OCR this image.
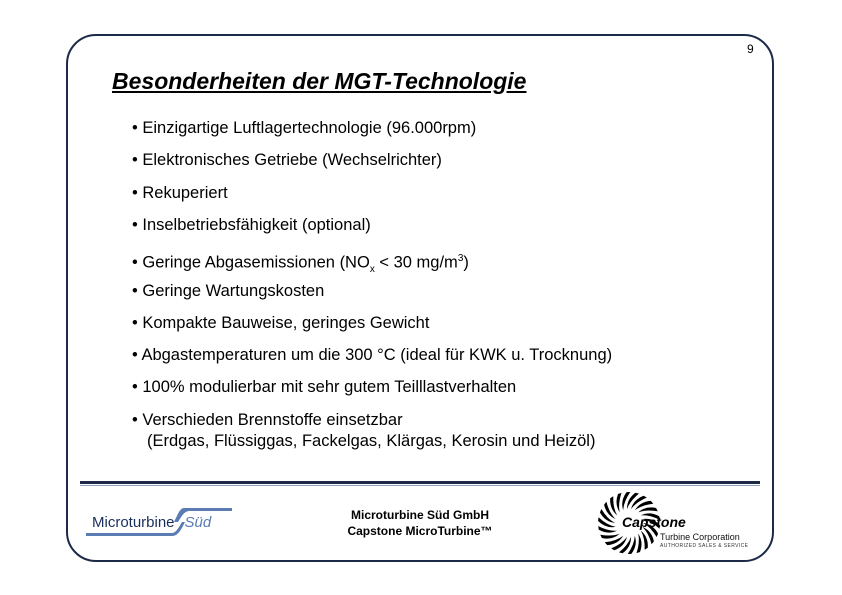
9
Besonderheiten der MGT-Technologie
• Einzigartige Luftlagertechnologie (96.000rpm)
• Elektronisches Getriebe (Wechselrichter)
• Rekuperiert
• Inselbetriebsfähigkeit (optional)
• Geringe Abgasemissionen ($NO_x < 30$ $mg/m^3$)
• Geringe Wartungskosten
• Kompakte Bauweise, geringes Gewicht
• Abgastemperaturen um die 300 °C (ideal für KWK u. Trocknung)
• 100% modulierbar mit sehr gutem Teilllastverhalten
• Verschieden Brennstoffe einsetzbar
(Erdgas, Flüssiggas, Fackelgas, Klärgas, Kerosin und Heizöl)
Microturbine Süd	Microturbine Süd GmbH
Capstone MicroTurbine™
Capstone
Turbine Corporation
AUTHORIZED SALES & SERVICE
